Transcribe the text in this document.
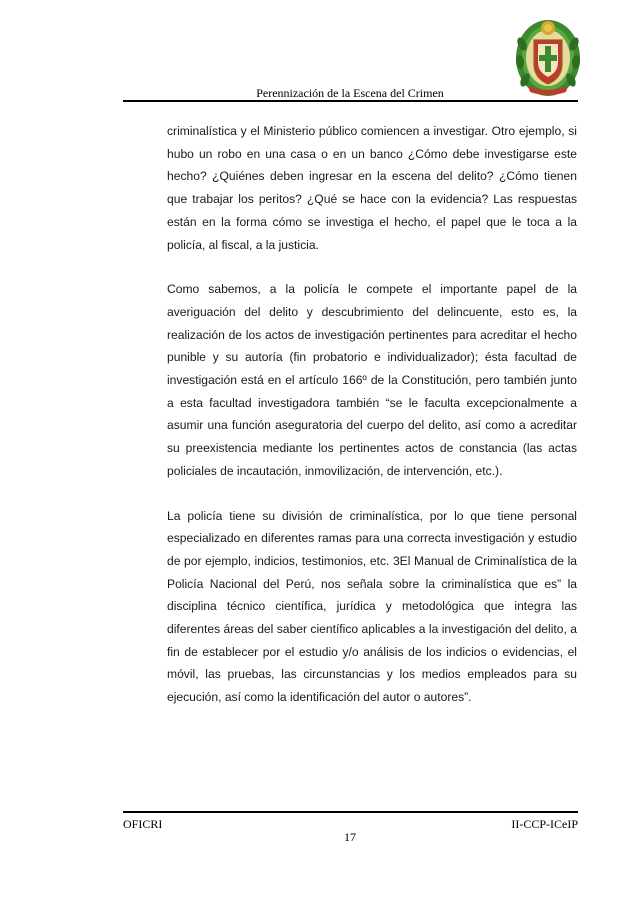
Perennización de la Escena del Crimen

criminalística y el Ministerio público comiencen a investigar. Otro ejemplo, si hubo un robo en una casa o en un banco ¿Cómo debe investigarse este hecho? ¿Quiénes deben ingresar en la escena del delito? ¿Cómo tienen que trabajar los peritos? ¿Qué se hace con la evidencia? Las respuestas están en la forma cómo se investiga el hecho, el papel que le toca a la policía, al fiscal, a la justicia.

Como sabemos, a la policía le compete el importante papel de la averiguación del delito y descubrimiento del delincuente, esto es, la realización de los actos de investigación pertinentes para acreditar el hecho punible y su autoría (fin probatorio e individualizador); ésta facultad de investigación está en el artículo 166º de la Constitución, pero también junto a esta facultad investigadora también “se le faculta excepcionalmente a asumir una función aseguratoria del cuerpo del delito, así como a acreditar su preexistencia mediante los pertinentes actos de constancia (las actas policiales de incautación, inmovilización, de intervención, etc.).

La policía tiene su división de criminalística, por lo que tiene personal especializado en diferentes ramas para una correcta investigación y estudio de por ejemplo, indicios, testimonios, etc. 3El Manual de Criminalística de la Policía Nacional del Perú, nos señala sobre la criminalística que es” la disciplina técnico científica, jurídica y metodológica que integra las diferentes áreas del saber científico aplicables a la investigación del delito, a fin de establecer por el estudio y/o análisis de los indicios o evidencias, el móvil, las pruebas, las circunstancias y los medios empleados para su ejecución, así como la identificación del autor o autores”.

OFICRI	II-CCP-ICeIP
17
